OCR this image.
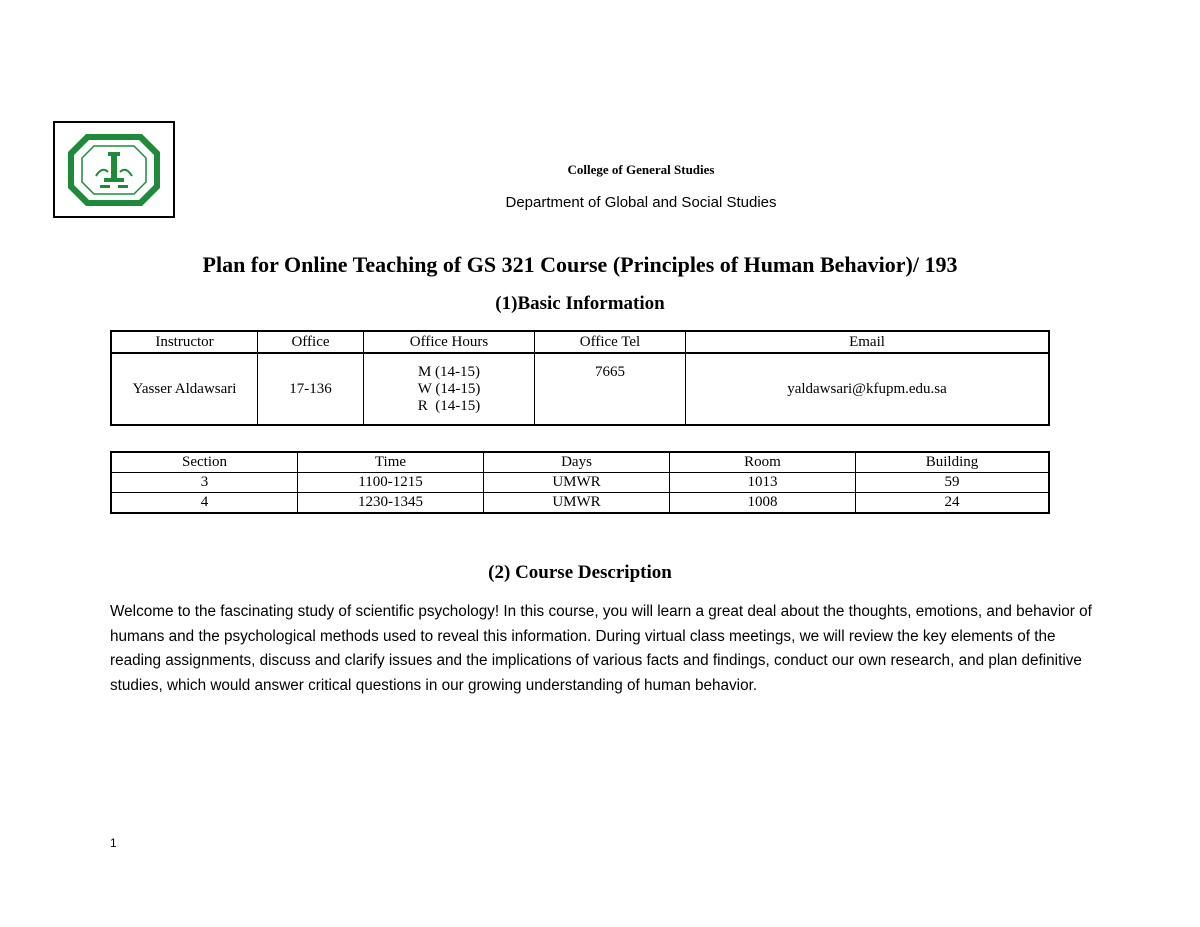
College of General Studies
Department of Global and Social Studies
Plan for Online Teaching of GS 321 Course (Principles of Human Behavior)/ 193
(1)Basic Information
Instructor	Office	Office Hours	Office Tel	Email
Yasser Aldawsari	17-136	M (14-15)
W (14-15)
R  (14-15)	7665	yaldawsari@kfupm.edu.sa
Section	Time	Days	Room	Building
3	1100-1215	UMWR	1013	59
4	1230-1345	UMWR	1008	24
(2) Course Description
Welcome to the fascinating study of scientific psychology! In this course, you will learn a great deal about the thoughts, emotions, and behavior of humans and the psychological methods used to reveal this information. During virtual class meetings, we will review the key elements of the reading assignments, discuss and clarify issues and the implications of various facts and findings, conduct our own research, and plan definitive studies, which would answer critical questions in our growing understanding of human behavior.
1
